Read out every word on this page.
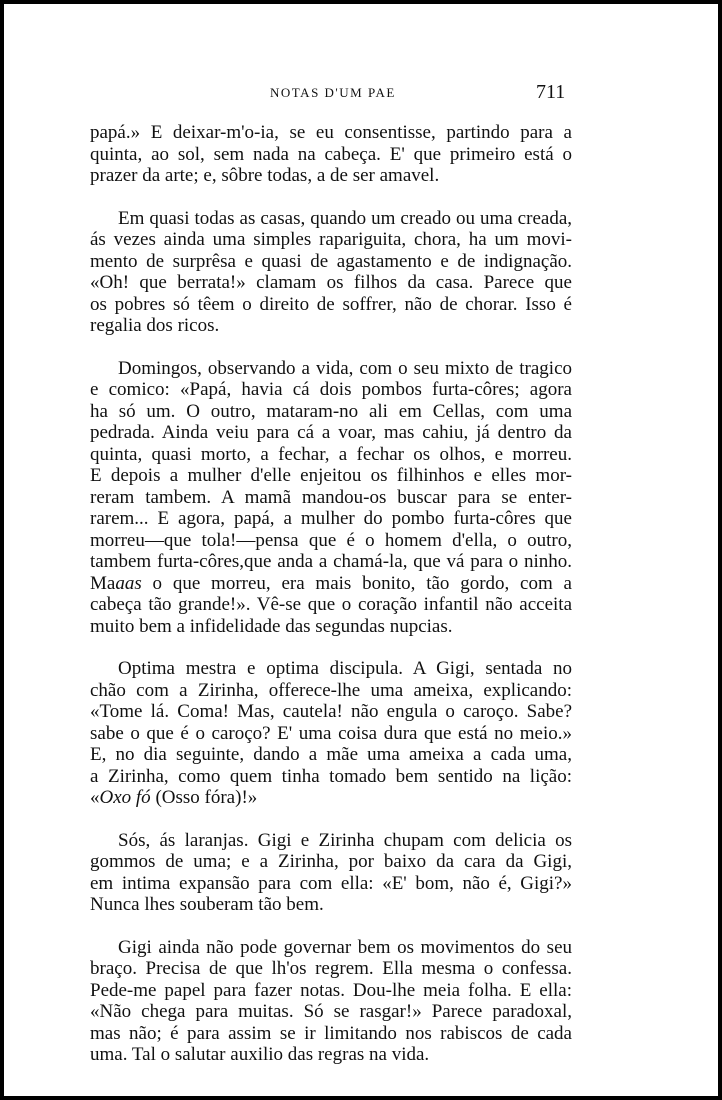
NOTAS D'UM PAE	711

papá.» E deixar-m'o-ia, se eu consentisse, partindo para a

quinta, ao sol, sem nada na cabeça. E' que primeiro está o

prazer da arte; e, sôbre todas, a de ser amavel.

Em quasi todas as casas, quando um creado ou uma creada,

ás vezes ainda uma simples rapariguita, chora, ha um movi-

mento de surprêsa e quasi de agastamento e de indignação.

«Oh! que berrata!» clamam os filhos da casa. Parece que

os pobres só têem o direito de soffrer, não de chorar. Isso é

regalia dos ricos.

Domingos, observando a vida, com o seu mixto de tragico

e comico: «Papá, havia cá dois pombos furta-côres; agora

ha só um. O outro, mataram-no ali em Cellas, com uma

pedrada. Ainda veiu para cá a voar, mas cahiu, já dentro da

quinta, quasi morto, a fechar, a fechar os olhos, e morreu.

E depois a mulher d'elle enjeitou os filhinhos e elles mor-

reram tambem. A mamã mandou-os buscar para se enter-

rarem... E agora, papá, a mulher do pombo furta-côres que

morreu—que tola!—pensa que é o homem d'ella, o outro,

tambem furta-côres,que anda a chamá-la, que vá para o ninho.

Maaas o que morreu, era mais bonito, tão gordo, com a

cabeça tão grande!». Vê-se que o coração infantil não acceita

muito bem a infidelidade das segundas nupcias.

Optima mestra e optima discipula. A Gigi, sentada no

chão com a Zirinha, offerece-lhe uma ameixa, explicando:

«Tome lá. Coma! Mas, cautela! não engula o caroço. Sabe?

sabe o que é o caroço? E' uma coisa dura que está no meio.»

E, no dia seguinte, dando a mãe uma ameixa a cada uma,

a Zirinha, como quem tinha tomado bem sentido na lição:

«Oxo fó (Osso fóra)!»

Sós, ás laranjas. Gigi e Zirinha chupam com delicia os

gommos de uma; e a Zirinha, por baixo da cara da Gigi,

em intima expansão para com ella: «E' bom, não é, Gigi?»

Nunca lhes souberam tão bem.

Gigi ainda não pode governar bem os movimentos do seu

braço. Precisa de que lh'os regrem. Ella mesma o confessa.

Pede-me papel para fazer notas. Dou-lhe meia folha. E ella:

«Não chega para muitas. Só se rasgar!» Parece paradoxal,

mas não; é para assim se ir limitando nos rabiscos de cada

uma. Tal o salutar auxilio das regras na vida.
